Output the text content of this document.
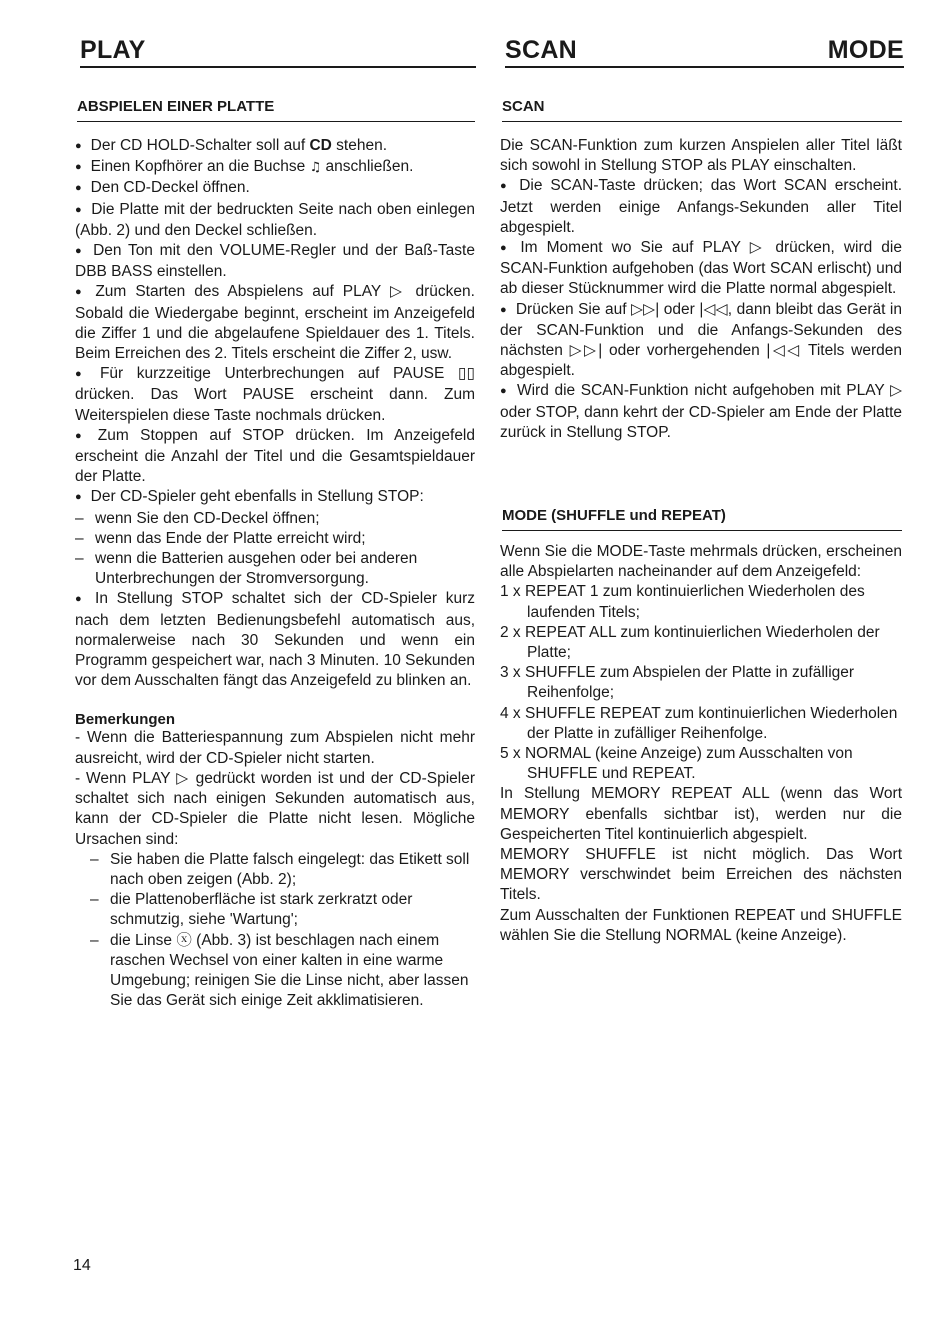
PLAY	SCAN	MODE
ABSPIELEN EINER PLATTE

● Der CD HOLD-Schalter soll auf CD stehen.

● Einen Kopfhörer an die Buchse ♫ anschließen.

● Den CD-Deckel öffnen.

● Die Platte mit der bedruckten Seite nach oben einlegen (Abb. 2) und den Deckel schließen.

● Den Ton mit den VOLUME-Regler und der Baß-Taste DBB BASS einstellen.

● Zum Starten des Abspielens auf PLAY ▷ drücken. Sobald die Wiedergabe beginnt, erscheint im Anzeigefeld die Ziffer 1 und die abgelaufene Spieldauer des 1. Titels. Beim Erreichen des 2. Titels erscheint die Ziffer 2, usw.

● Für kurzzeitige Unterbrechungen auf PAUSE ▯▯ drücken. Das Wort PAUSE erscheint dann. Zum Weiterspielen diese Taste nochmals drücken.

● Zum Stoppen auf STOP drücken. Im Anzeigefeld erscheint die Anzahl der Titel und die Gesamtspieldauer der Platte.

● Der CD-Spieler geht ebenfalls in Stellung STOP:

– wenn Sie den CD-Deckel öffnen;

– wenn das Ende der Platte erreicht wird;

– wenn die Batterien ausgehen oder bei anderen Unterbrechungen der Stromversorgung.

● In Stellung STOP schaltet sich der CD-Spieler kurz nach dem letzten Bedienungsbefehl automatisch aus, normalerweise nach 30 Sekunden und wenn ein Programm gespeichert war, nach 3 Minuten. 10 Sekunden vor dem Ausschalten fängt das Anzeigefeld zu blinken an.

Bemerkungen

- Wenn die Batteriespannung zum Abspielen nicht mehr ausreicht, wird der CD-Spieler nicht starten.

- Wenn PLAY ▷ gedrückt worden ist und der CD-Spieler schaltet sich nach einigen Sekunden automatisch aus, kann der CD-Spieler die Platte nicht lesen. Mögliche Ursachen sind:

– Sie haben die Platte falsch eingelegt: das Etikett soll nach oben zeigen (Abb. 2);

– die Plattenoberfläche ist stark zerkratzt oder schmutzig, siehe 'Wartung';

– die Linse ⓧ (Abb. 3) ist beschlagen nach einem raschen Wechsel von einer kalten in eine warme Umgebung; reinigen Sie die Linse nicht, aber lassen Sie das Gerät sich einige Zeit akklimatisieren.

SCAN

Die SCAN-Funktion zum kurzen Anspielen aller Titel läßt sich sowohl in Stellung STOP als PLAY einschalten.

● Die SCAN-Taste drücken; das Wort SCAN erscheint. Jetzt werden einige Anfangs-Sekunden aller Titel abgespielt.

● Im Moment wo Sie auf PLAY ▷ drücken, wird die SCAN-Funktion aufgehoben (das Wort SCAN erlischt) und ab dieser Stücknummer wird die Platte normal abgespielt.

● Drücken Sie auf ▷▷| oder |◁◁, dann bleibt das Gerät in der SCAN-Funktion und die Anfangs-Sekunden des nächsten ▷▷| oder vorhergehenden |◁◁ Titels werden abgespielt.

● Wird die SCAN-Funktion nicht aufgehoben mit PLAY ▷ oder STOP, dann kehrt der CD-Spieler am Ende der Platte zurück in Stellung STOP.

MODE (SHUFFLE und REPEAT)

Wenn Sie die MODE-Taste mehrmals drücken, erscheinen alle Abspielarten nacheinander auf dem Anzeigefeld:

1 x REPEAT 1 zum kontinuierlichen Wiederholen des laufenden Titels;

2 x REPEAT ALL zum kontinuierlichen Wiederholen der Platte;

3 x SHUFFLE zum Abspielen der Platte in zufälliger Reihenfolge;

4 x SHUFFLE REPEAT zum kontinuierlichen Wiederholen der Platte in zufälliger Reihenfolge.

5 x NORMAL (keine Anzeige) zum Ausschalten von SHUFFLE und REPEAT.

In Stellung MEMORY REPEAT ALL (wenn das Wort MEMORY ebenfalls sichtbar ist), werden nur die Gespeicherten Titel kontinuierlich abgespielt.

MEMORY SHUFFLE ist nicht möglich. Das Wort MEMORY verschwindet beim Erreichen des nächsten Titels.

Zum Ausschalten der Funktionen REPEAT und SHUFFLE wählen Sie die Stellung NORMAL (keine Anzeige).

14
